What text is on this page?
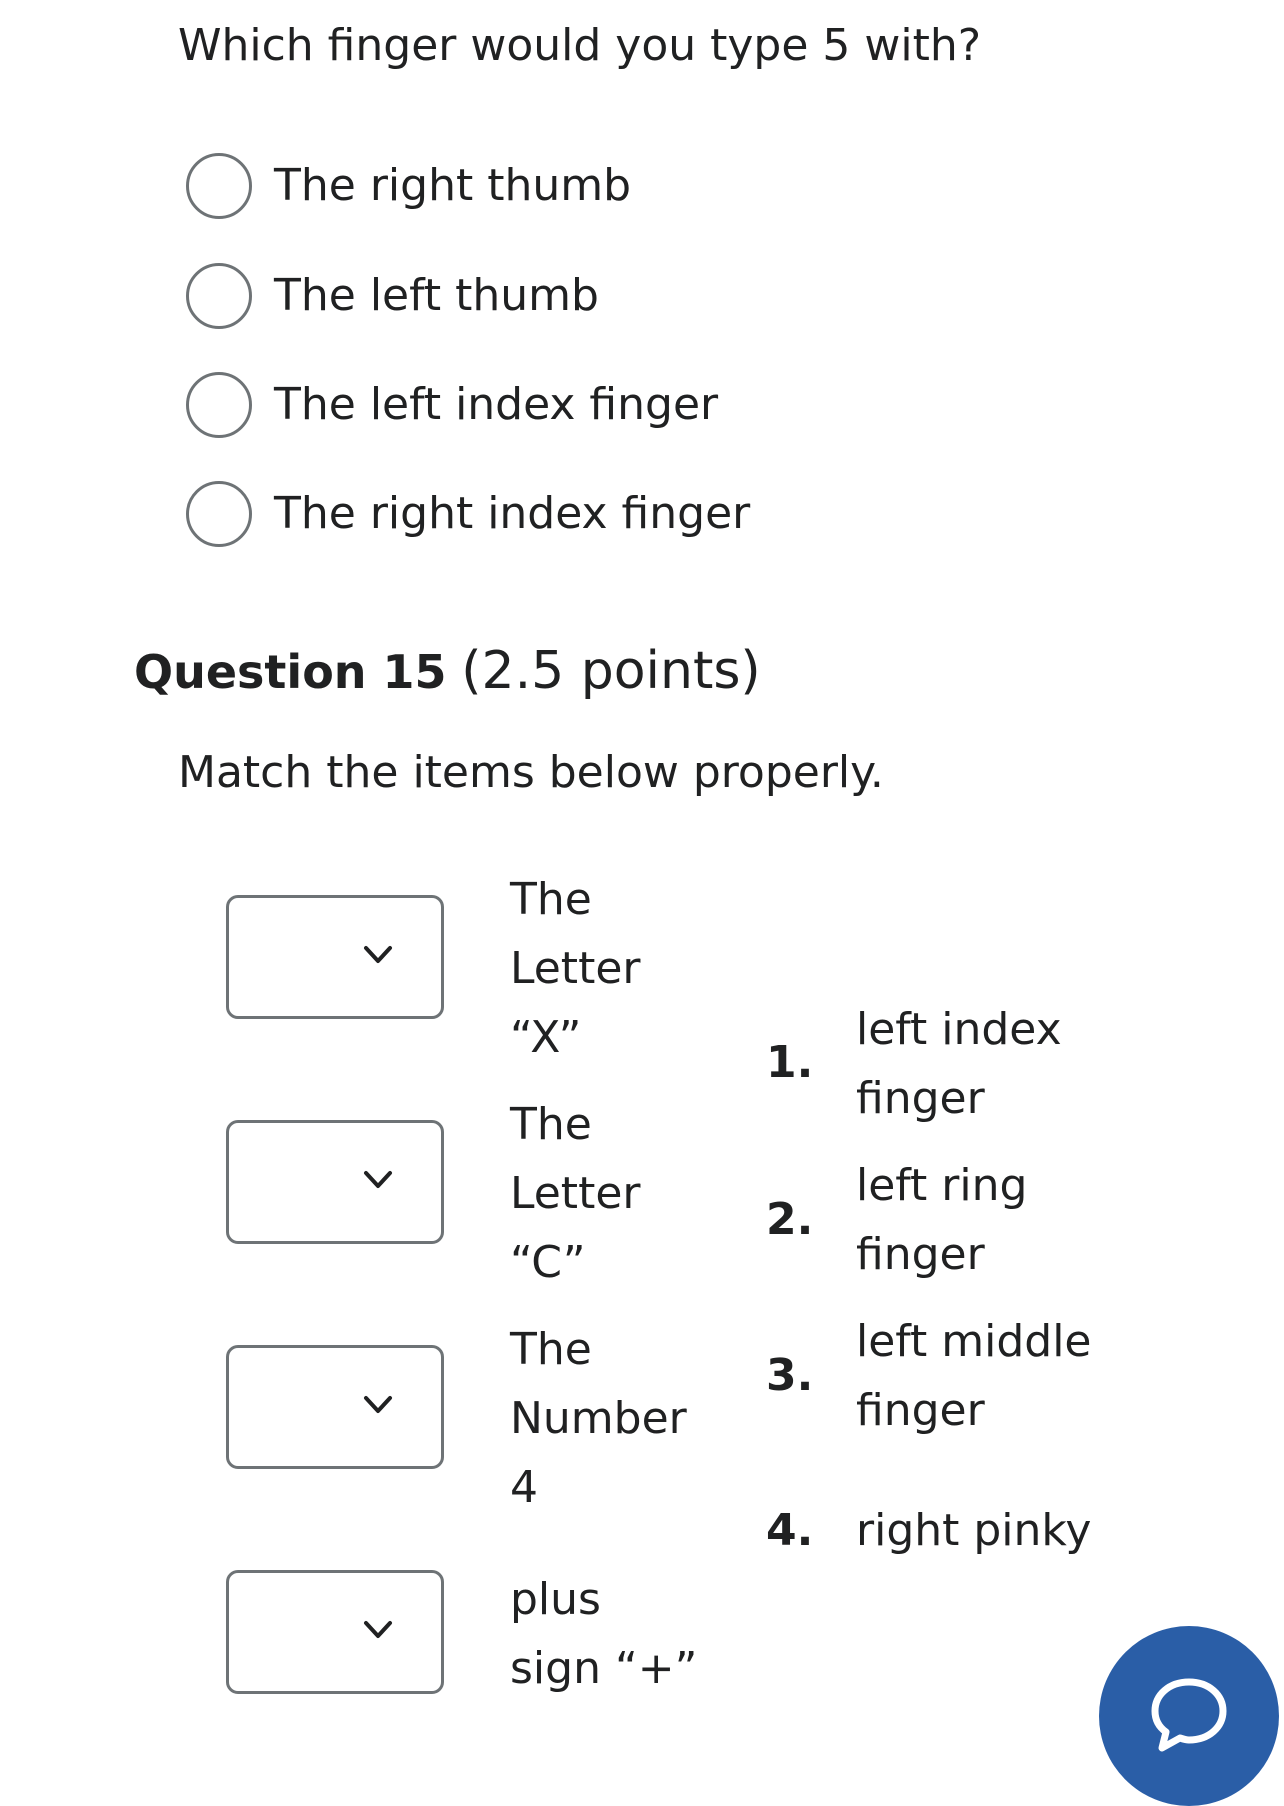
Which finger would you type 5 with?
The right thumb
The left thumb
The left index finger
The right index finger
Question 15 (2.5 points)
Match the items below properly.
The
Letter
“X”
The
Letter
“C”
The
Number
4
plus
sign “+”
1.
left index
finger
2.
left ring
finger
3.
left middle
finger
4. right pinky
